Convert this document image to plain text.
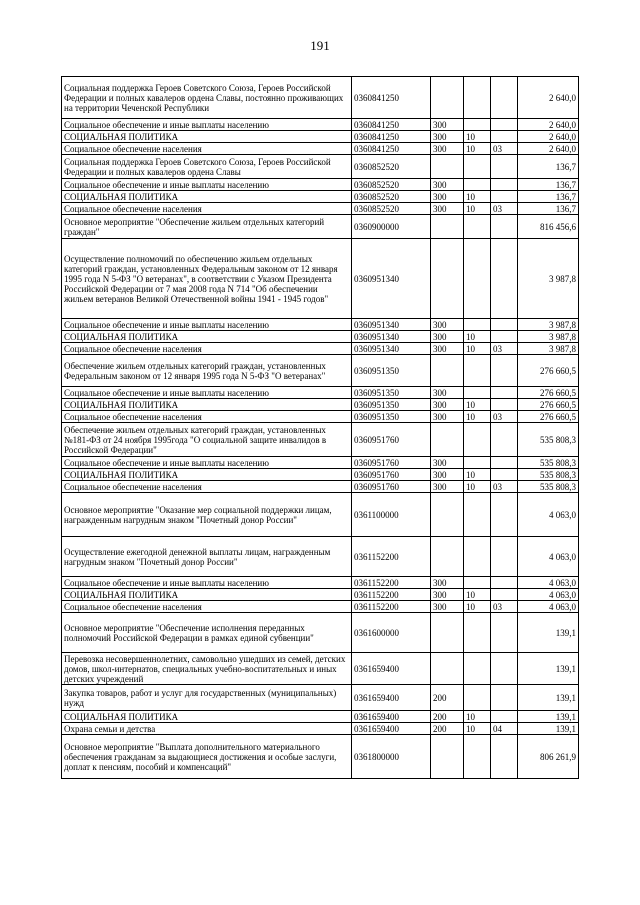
191
Социальная поддержка Героев Советского Союза, Героев Российской Федерации и полных кавалеров ордена Славы, постоянно проживающих на территории Чеченской Республики	0360841250				2 640,0
Социальное обеспечение и иные выплаты населению	0360841250	300			2 640,0
СОЦИАЛЬНАЯ ПОЛИТИКА	0360841250	300	10		2 640,0
Социальное обеспечение населения	0360841250	300	10	03	2 640,0
Социальная поддержка Героев Советского Союза, Героев Российской Федерации и полных кавалеров ордена Славы	0360852520				136,7
Социальное обеспечение и иные выплаты населению	0360852520	300			136,7
СОЦИАЛЬНАЯ ПОЛИТИКА	0360852520	300	10		136,7
Социальное обеспечение населения	0360852520	300	10	03	136,7
Основное мероприятие "Обеспечение жильем отдельных категорий граждан"	0360900000				816 456,6
Осуществление полномочий по обеспечению жильем отдельных категорий граждан, установленных Федеральным законом от 12 января 1995 года N 5-ФЗ "О ветеранах", в соответствии с Указом Президента Российской Федерации от 7 мая 2008 года N 714 "Об обеспечении жильем ветеранов Великой Отечественной войны 1941 - 1945 годов"	0360951340				3 987,8
Социальное обеспечение и иные выплаты населению	0360951340	300			3 987,8
СОЦИАЛЬНАЯ ПОЛИТИКА	0360951340	300	10		3 987,8
Социальное обеспечение населения	0360951340	300	10	03	3 987,8
Обеспечение жильем отдельных категорий граждан, установленных Федеральным законом от 12 января 1995 года N 5-ФЗ "О ветеранах"	0360951350				276 660,5
Социальное обеспечение и иные выплаты населению	0360951350	300			276 660,5
СОЦИАЛЬНАЯ ПОЛИТИКА	0360951350	300	10		276 660,5
Социальное обеспечение населения	0360951350	300	10	03	276 660,5
Обеспечение жильем отдельных категорий граждан, установленных №181-ФЗ от 24 ноября 1995года "О социальной защите инвалидов в Российской Федерации"	0360951760				535 808,3
Социальное обеспечение и иные выплаты населению	0360951760	300			535 808,3
СОЦИАЛЬНАЯ ПОЛИТИКА	0360951760	300	10		535 808,3
Социальное обеспечение населения	0360951760	300	10	03	535 808,3
Основное мероприятие "Оказание мер социальной поддержки лицам, награжденным нагрудным знаком "Почетный донор России"	0361100000				4 063,0
Осуществление ежегодной денежной выплаты лицам, награжденным нагрудным знаком "Почетный донор России"	0361152200				4 063,0
Социальное обеспечение и иные выплаты населению	0361152200	300			4 063,0
СОЦИАЛЬНАЯ ПОЛИТИКА	0361152200	300	10		4 063,0
Социальное обеспечение населения	0361152200	300	10	03	4 063,0
Основное мероприятие "Обеспечение исполнения переданных полномочий Российской Федерации в рамках единой субвенции"	0361600000				139,1
Перевозка несовершеннолетних, самовольно ушедших из семей, детских домов, школ-интернатов, специальных учебно-воспитательных и иных детских учреждений	0361659400				139,1
Закупка товаров, работ и услуг для государственных (муниципальных) нужд	0361659400	200			139,1
СОЦИАЛЬНАЯ ПОЛИТИКА	0361659400	200	10		139,1
Охрана семьи и детства	0361659400	200	10	04	139,1
Основное мероприятие "Выплата дополнительного материального обеспечения гражданам за выдающиеся достижения и особые заслуги, доплат к пенсиям, пособий и компенсаций"	0361800000				806 261,9
